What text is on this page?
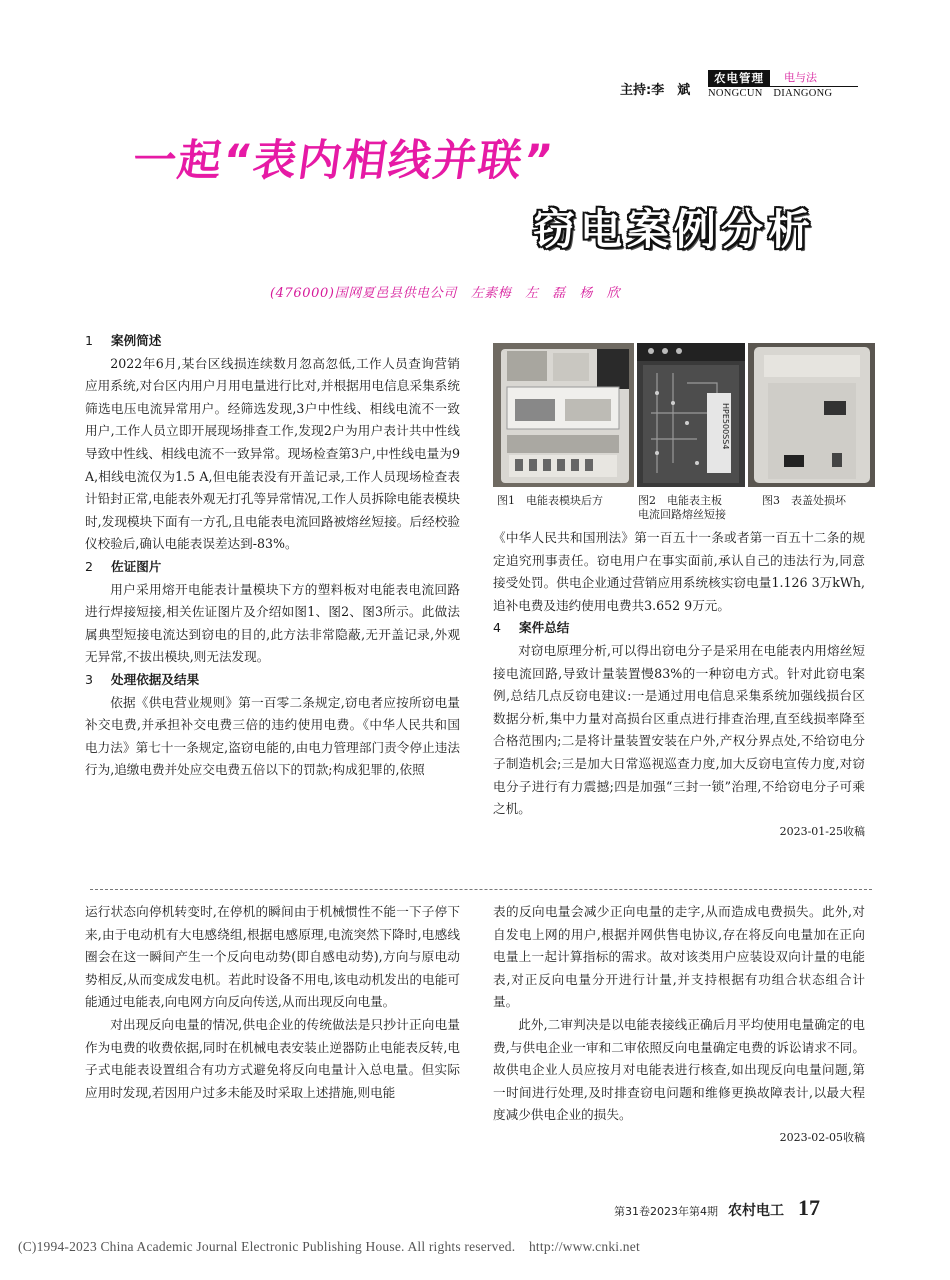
主持:李　斌
农电管理	电与法
NONGCUN　DIANGONG
一起“表内相线并联”
窃电案例分析
(476000)国网夏邑县供电公司　左素梅　左　磊　杨　欣
1 案例简述

2022年6月,某台区线损连续数月忽高忽低,工作人员查询营销应用系统,对台区内用户月用电量进行比对,并根据用电信息采集系统筛选电压电流异常用户。经筛选发现,3户中性线、相线电流不一致用户,工作人员立即开展现场排查工作,发现2户为用户表计共中性线导致中性线、相线电流不一致异常。现场检查第3户,中性线电量为9 A,相线电流仅为1.5 A,但电能表没有开盖记录,工作人员现场检查表计铅封正常,电能表外观无打孔等异常情况,工作人员拆除电能表模块时,发现模块下面有一方孔,且电能表电流回路被熔丝短接。后经校验仪校验后,确认电能表误差达到-83%。

2 佐证图片

用户采用熔开电能表计量模块下方的塑料板对电能表电流回路进行焊接短接,相关佐证图片及介绍如图1、图2、图3所示。此做法属典型短接电流达到窃电的目的,此方法非常隐蔽,无开盖记录,外观无异常,不拔出模块,则无法发现。

3 处理依据及结果

依据《供电营业规则》第一百零二条规定,窃电者应按所窃电量补交电费,并承担补交电费三倍的违约使用电费。《中华人民共和国电力法》第七十一条规定,盗窃电能的,由电力管理部门责令停止违法行为,追缴电费并处应交电费五倍以下的罚款;构成犯罪的,依照

HPE500SS4
图1　电能表模块后方	图2　电能表主板
电流回路熔丝短接
图3　表盖处损坏

《中华人民共和国刑法》第一百五十一条或者第一百五十二条的规定追究刑事责任。窃电用户在事实面前,承认自己的违法行为,同意接受处罚。供电企业通过营销应用系统核实窃电量1.126 3万kWh,追补电费及违约使用电费共3.652 9万元。

4 案件总结

对窃电原理分析,可以得出窃电分子是采用在电能表内用熔丝短接电流回路,导致计量装置慢83%的一种窃电方式。针对此窃电案例,总结几点反窃电建议:一是通过用电信息采集系统加强线损台区数据分析,集中力量对高损台区重点进行排查治理,直至线损率降至合格范围内;二是将计量装置安装在户外,产权分界点处,不给窃电分子制造机会;三是加大日常巡视巡查力度,加大反窃电宣传力度,对窃电分子进行有力震撼;四是加强“三封一锁”治理,不给窃电分子可乘之机。

2023-01-25收稿

运行状态向停机转变时,在停机的瞬间由于机械惯性不能一下子停下来,由于电动机有大电感绕组,根据电感原理,电流突然下降时,电感线圈会在这一瞬间产生一个反向电动势(即自感电动势),方向与原电动势相反,从而变成发电机。若此时设备不用电,该电动机发出的电能可能通过电能表,向电网方向反向传送,从而出现反向电量。

对出现反向电量的情况,供电企业的传统做法是只抄计正向电量作为电费的收费依据,同时在机械电表安装止逆器防止电能表反转,电子式电能表设置组合有功方式避免将反向电量计入总电量。但实际应用时发现,若因用户过多未能及时采取上述措施,则电能

表的反向电量会减少正向电量的走字,从而造成电费损失。此外,对自发电上网的用户,根据并网供售电协议,存在将反向电量加在正向电量上一起计算指标的需求。故对该类用户应装设双向计量的电能表,对正反向电量分开进行计量,并支持根据有功组合状态组合计量。

此外,二审判决是以电能表接线正确后月平均使用电量确定的电费,与供电企业一审和二审依照反向电量确定电费的诉讼请求不同。故供电企业人员应按月对电能表进行核查,如出现反向电量问题,第一时间进行处理,及时排查窃电问题和维修更换故障表计,以最大程度减少供电企业的损失。

2023-02-05收稿

第31卷2023年第4期 农村电工 17
(C)1994-2023 China Academic Journal Electronic Publishing House. All rights reserved.　http://www.cnki.net
